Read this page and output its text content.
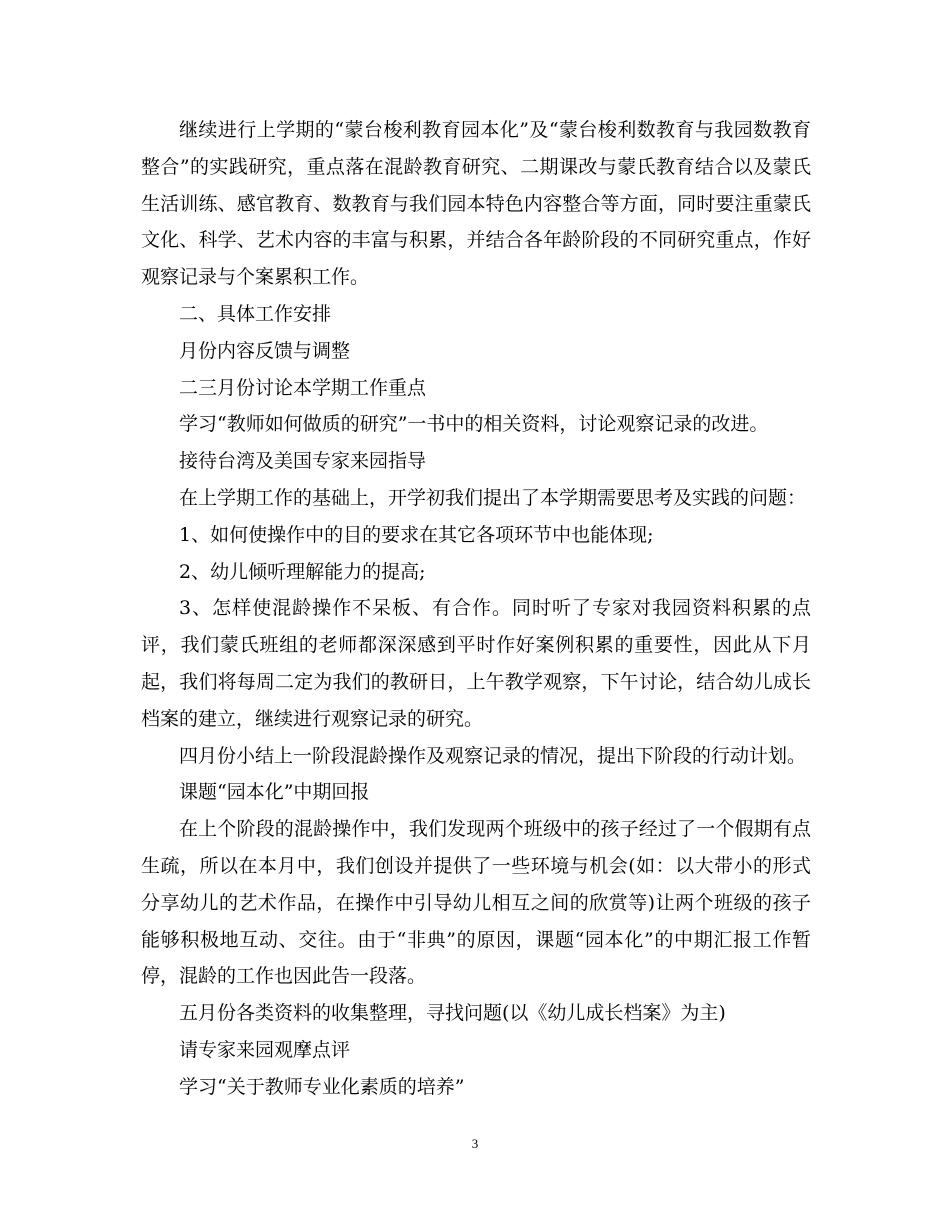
继续进行上学期的“蒙台梭利教育园本化”及“蒙台梭利数教育与我园数教育整合”的实践研究，重点落在混龄教育研究、二期课改与蒙氏教育结合以及蒙氏生活训练、感官教育、数教育与我们园本特色内容整合等方面，同时要注重蒙氏文化、科学、艺术内容的丰富与积累，并结合各年龄阶段的不同研究重点，作好观察记录与个案累积工作。

二、具体工作安排

月份内容反馈与调整

二三月份讨论本学期工作重点

学习“教师如何做质的研究”一书中的相关资料，讨论观察记录的改进。

接待台湾及美国专家来园指导

在上学期工作的基础上，开学初我们提出了本学期需要思考及实践的问题：

1、如何使操作中的目的要求在其它各项环节中也能体现;

2、幼儿倾听理解能力的提高;

3、怎样使混龄操作不呆板、有合作。同时听了专家对我园资料积累的点评，我们蒙氏班组的老师都深深感到平时作好案例积累的重要性，因此从下月起，我们将每周二定为我们的教研日，上午教学观察，下午讨论，结合幼儿成长档案的建立，继续进行观察记录的研究。

四月份小结上一阶段混龄操作及观察记录的情况，提出下阶段的行动计划。

课题“园本化”中期回报

在上个阶段的混龄操作中，我们发现两个班级中的孩子经过了一个假期有点生疏，所以在本月中，我们创设并提供了一些环境与机会(如：以大带小的形式分享幼儿的艺术作品，在操作中引导幼儿相互之间的欣赏等)让两个班级的孩子能够积极地互动、交往。由于“非典”的原因，课题“园本化”的中期汇报工作暂停，混龄的工作也因此告一段落。

五月份各类资料的收集整理，寻找问题(以《幼儿成长档案》为主)

请专家来园观摩点评

学习“关于教师专业化素质的培养”

3
